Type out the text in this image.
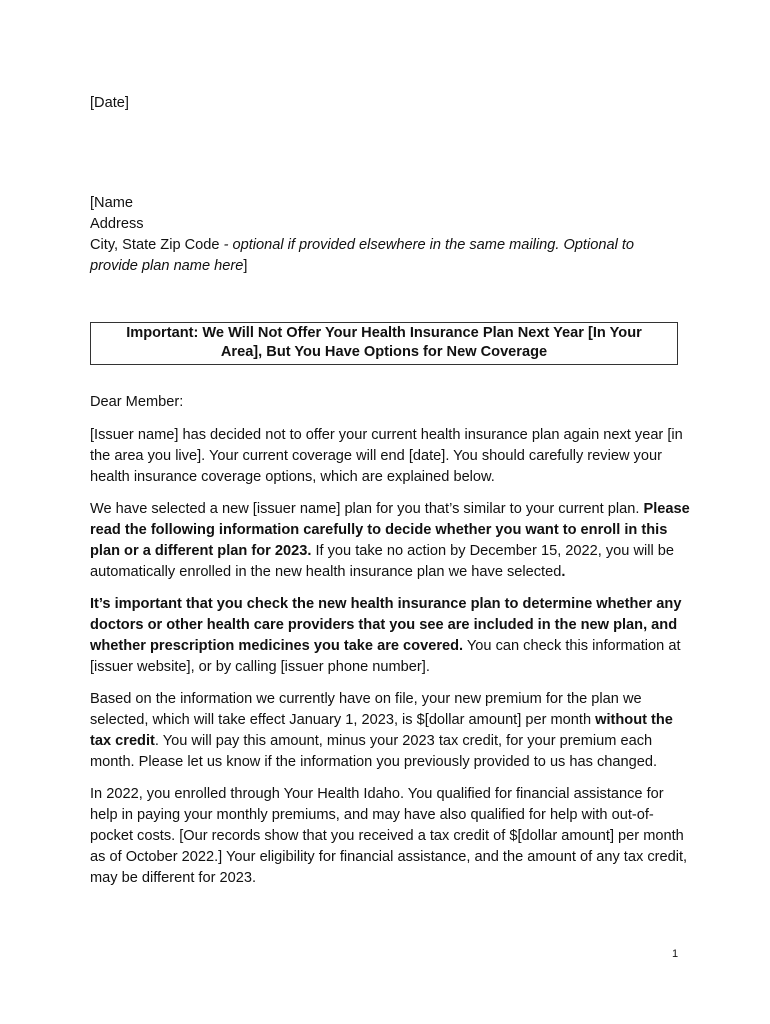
[Date]
[Name
Address
City, State Zip Code - optional if provided elsewhere in the same mailing. Optional to
provide plan name here]
Important: We Will Not Offer Your Health Insurance Plan Next Year [In Your
Area], But You Have Options for New Coverage

Dear Member:

[Issuer name] has decided not to offer your current health insurance plan again next year [in the area you live]. Your current coverage will end [date]. You should carefully review your health insurance coverage options, which are explained below.

We have selected a new [issuer name] plan for you that’s similar to your current plan. Please read the following information carefully to decide whether you want to enroll in this plan or a different plan for 2023. If you take no action by December 15, 2022, you will be automatically enrolled in the new health insurance plan we have selected.

It’s important that you check the new health insurance plan to determine whether any doctors or other health care providers that you see are included in the new plan, and whether prescription medicines you take are covered. You can check this information at [issuer website], or by calling [issuer phone number].

Based on the information we currently have on file, your new premium for the plan we selected, which will take effect January 1, 2023, is $[dollar amount] per month without the tax credit. You will pay this amount, minus your 2023 tax credit, for your premium each month. Please let us know if the information you previously provided to us has changed.

In 2022, you enrolled through Your Health Idaho. You qualified for financial assistance for help in paying your monthly premiums, and may have also qualified for help with out-of-pocket costs. [Our records show that you received a tax credit of $[dollar amount] per month as of October 2022.] Your eligibility for financial assistance, and the amount of any tax credit, may be different for 2023.

1
